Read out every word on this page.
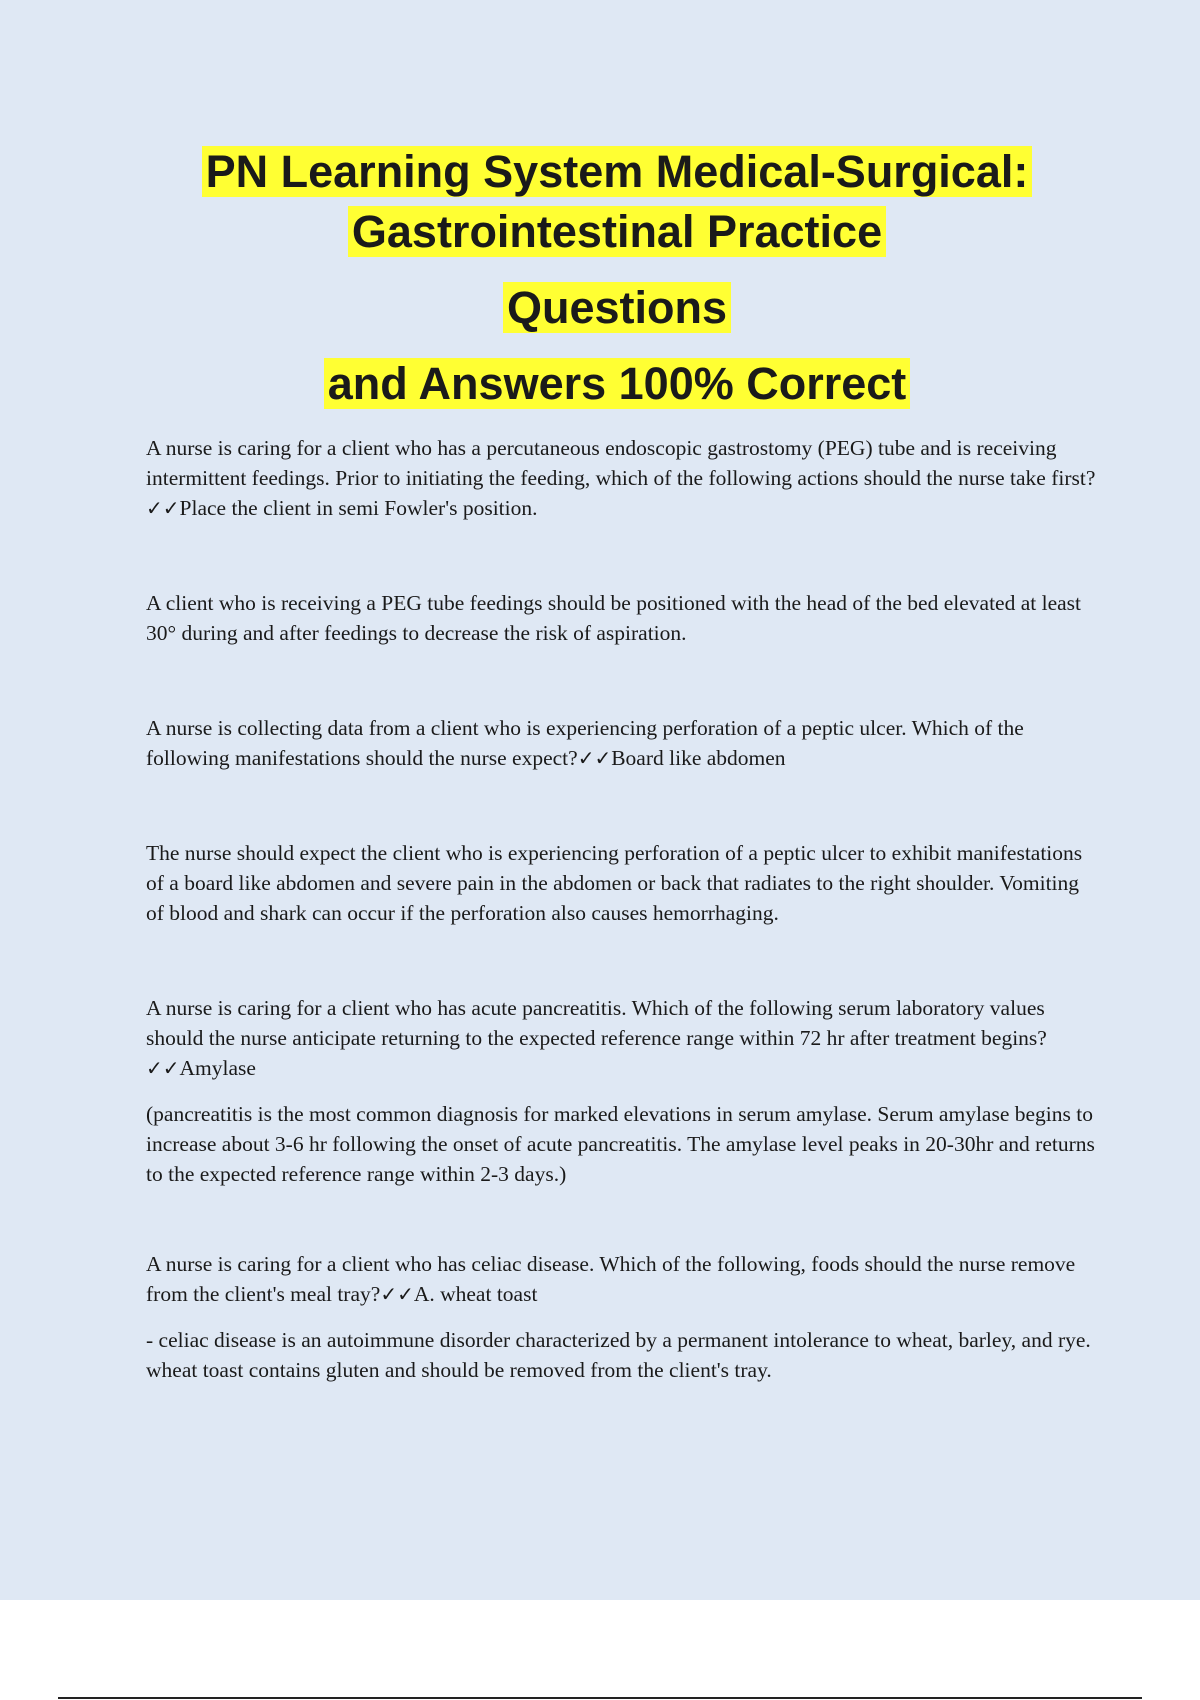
PN Learning System Medical-Surgical:
Gastrointestinal Practice
Questions
and Answers 100% Correct

A nurse is caring for a client who has a percutaneous endoscopic gastrostomy (PEG) tube and is receiving intermittent feedings. Prior to initiating the feeding, which of the following actions should the nurse take first?✓✓Place the client in semi Fowler's position.

A client who is receiving a PEG tube feedings should be positioned with the head of the bed elevated at least 30° during and after feedings to decrease the risk of aspiration.

A nurse is collecting data from a client who is experiencing perforation of a peptic ulcer. Which of the following manifestations should the nurse expect?✓✓Board like abdomen

The nurse should expect the client who is experiencing perforation of a peptic ulcer to exhibit manifestations of a board like abdomen and severe pain in the abdomen or back that radiates to the right shoulder. Vomiting of blood and shark can occur if the perforation also causes hemorrhaging.

A nurse is caring for a client who has acute pancreatitis. Which of the following serum laboratory values should the nurse anticipate returning to the expected reference range within 72 hr after treatment begins?✓✓Amylase

(pancreatitis is the most common diagnosis for marked elevations in serum amylase. Serum amylase begins to increase about 3-6 hr following the onset of acute pancreatitis. The amylase level peaks in 20-30hr and returns to the expected reference range within 2-3 days.)

A nurse is caring for a client who has celiac disease. Which of the following, foods should the nurse remove from the client's meal tray?✓✓A. wheat toast

- celiac disease is an autoimmune disorder characterized by a permanent intolerance to wheat, barley, and rye. wheat toast contains gluten and should be removed from the client's tray.
